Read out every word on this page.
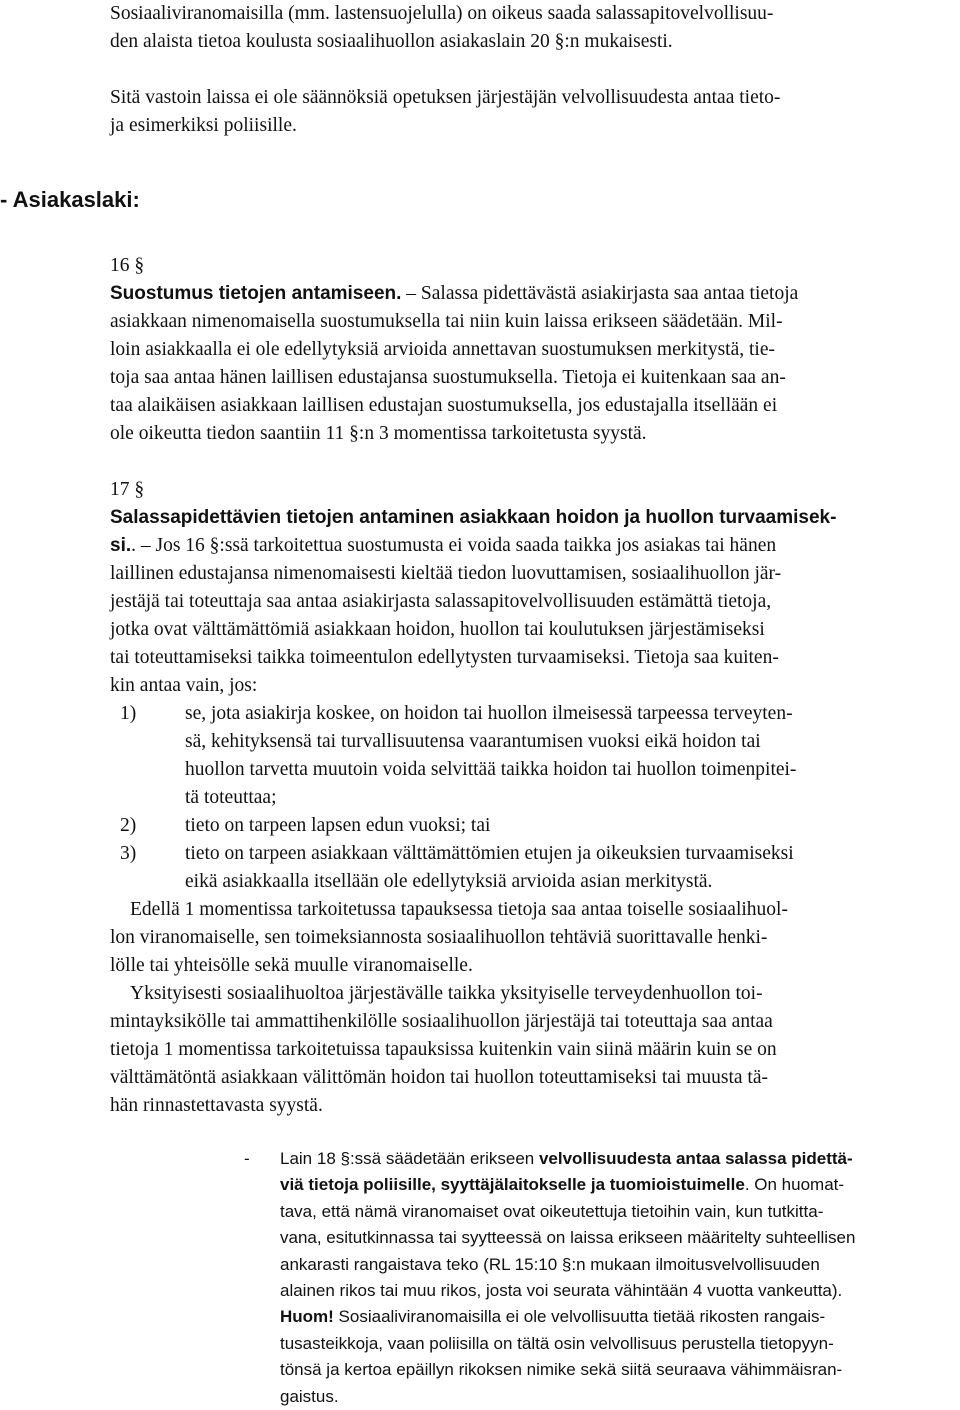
Sosiaaliviranomaisilla (mm. lastensuojelulla) on oikeus saada salassapitovelvollisuu-
den alaista tietoa koulusta sosiaalihuollon asiakaslain 20 §:n mukaisesti.
Sitä vastoin laissa ei ole säännöksiä opetuksen järjestäjän velvollisuudesta antaa tieto-
ja esimerkiksi poliisille.
- Asiakaslaki:
16 §
Suostumus tietojen antamiseen. – Salassa pidettävästä asiakirjasta saa antaa tietoja
asiakkaan nimenomaisella suostumuksella tai niin kuin laissa erikseen säädetään. Mil-
loin asiakkaalla ei ole edellytyksiä arvioida annettavan suostumuksen merkitystä, tie-
toja saa antaa hänen laillisen edustajansa suostumuksella. Tietoja ei kuitenkaan saa an-
taa alaikäisen asiakkaan laillisen edustajan suostumuksella, jos edustajalla itsellään ei
ole oikeutta tiedon saantiin 11 §:n 3 momentissa tarkoitetusta syystä.
17 §
Salassapidettävien tietojen antaminen asiakkaan hoidon ja huollon turvaamisek-
si.. – Jos 16 §:ssä tarkoitettua suostumusta ei voida saada taikka jos asiakas tai hänen
laillinen edustajansa nimenomaisesti kieltää tiedon luovuttamisen, sosiaalihuollon jär-
jestäjä tai toteuttaja saa antaa asiakirjasta salassapitovelvollisuuden estämättä tietoja,
jotka ovat välttämättömiä asiakkaan hoidon, huollon tai koulutuksen järjestämiseksi
tai toteuttamiseksi taikka toimeentulon edellytysten turvaamiseksi. Tietoja saa kuiten-
kin antaa vain, jos:
1)	se, jota asiakirja koskee, on hoidon tai huollon ilmeisessä tarpeessa terveyten-
sä, kehityksensä tai turvallisuutensa vaarantumisen vuoksi eikä hoidon tai
huollon tarvetta muutoin voida selvittää taikka hoidon tai huollon toimenpitei-
tä toteuttaa;
2)	tieto on tarpeen lapsen edun vuoksi; tai
3)	tieto on tarpeen asiakkaan välttämättömien etujen ja oikeuksien turvaamiseksi
eikä asiakkaalla itsellään ole edellytyksiä arvioida asian merkitystä.
Edellä 1 momentissa tarkoitetussa tapauksessa tietoja saa antaa toiselle sosiaalihuol-
lon viranomaiselle, sen toimeksiannosta sosiaalihuollon tehtäviä suorittavalle henki-
lölle tai yhteisölle sekä muulle viranomaiselle.
Yksityisesti sosiaalihuoltoa järjestävälle taikka yksityiselle terveydenhuollon toi-
mintayksikölle tai ammattihenkilölle sosiaalihuollon järjestäjä tai toteuttaja saa antaa
tietoja 1 momentissa tarkoitetuissa tapauksissa kuitenkin vain siinä määrin kuin se on
välttämätöntä asiakkaan välittömän hoidon tai huollon toteuttamiseksi tai muusta tä-
hän rinnastettavasta syystä.
- Lain 18 §:ssä säädetään erikseen velvollisuudesta antaa salassa pidettä-
viä tietoja poliisille, syyttäjälaitokselle ja tuomioistuimelle. On huomat-
tava, että nämä viranomaiset ovat oikeutettuja tietoihin vain, kun tutkitta-
vana, esitutkinnassa tai syytteessä on laissa erikseen määritelty suhteellisen
ankarasti rangaistava teko (RL 15:10 §:n mukaan ilmoitusvelvollisuuden
alainen rikos tai muu rikos, josta voi seurata vähintään 4 vuotta vankeutta).
Huom! Sosiaaliviranomaisilla ei ole velvollisuutta tietää rikosten rangais-
tusasteikkoja, vaan poliisilla on tältä osin velvollisuus perustella tietopyyn-
tönsä ja kertoa epäillyn rikoksen nimike sekä siitä seuraava vähimmäisran-
gaistus.
